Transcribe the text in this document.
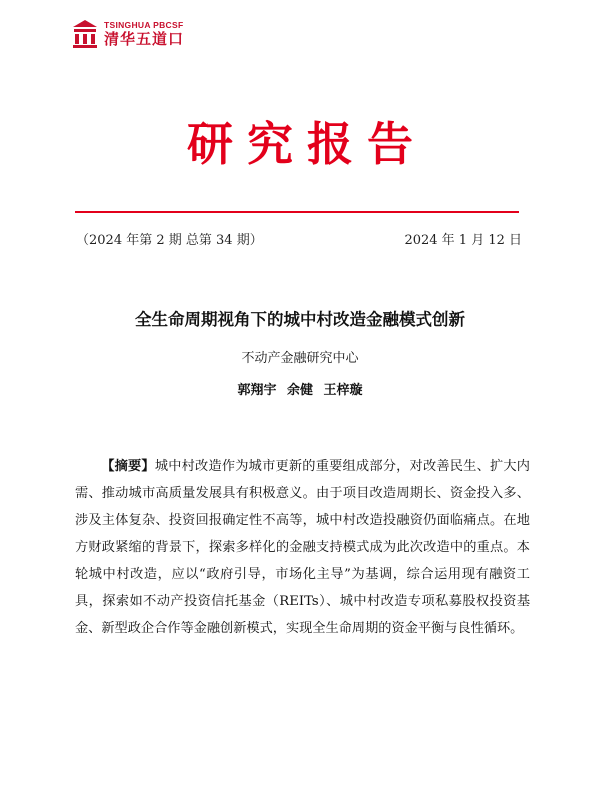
TSINGHUA PBCSF
清华五道口
研究报告
（2024 年第 2 期 总第 34 期）	2024 年 1 月 12 日
全生命周期视角下的城中村改造金融模式创新
不动产金融研究中心
郭翔宇 余健 王梓璇
【摘要】城中村改造作为城市更新的重要组成部分，对改善民生、扩大内需、推动城市高质量发展具有积极意义。由于项目改造周期长、资金投入多、涉及主体复杂、投资回报确定性不高等，城中村改造投融资仍面临痛点。在地方财政紧缩的背景下，探索多样化的金融支持模式成为此次改造中的重点。本轮城中村改造，应以“政府引导，市场化主导”为基调，综合运用现有融资工具，探索如不动产投资信托基金（REITs）、城中村改造专项私募股权投资基金、新型政企合作等金融创新模式，实现全生命周期的资金平衡与良性循环。
